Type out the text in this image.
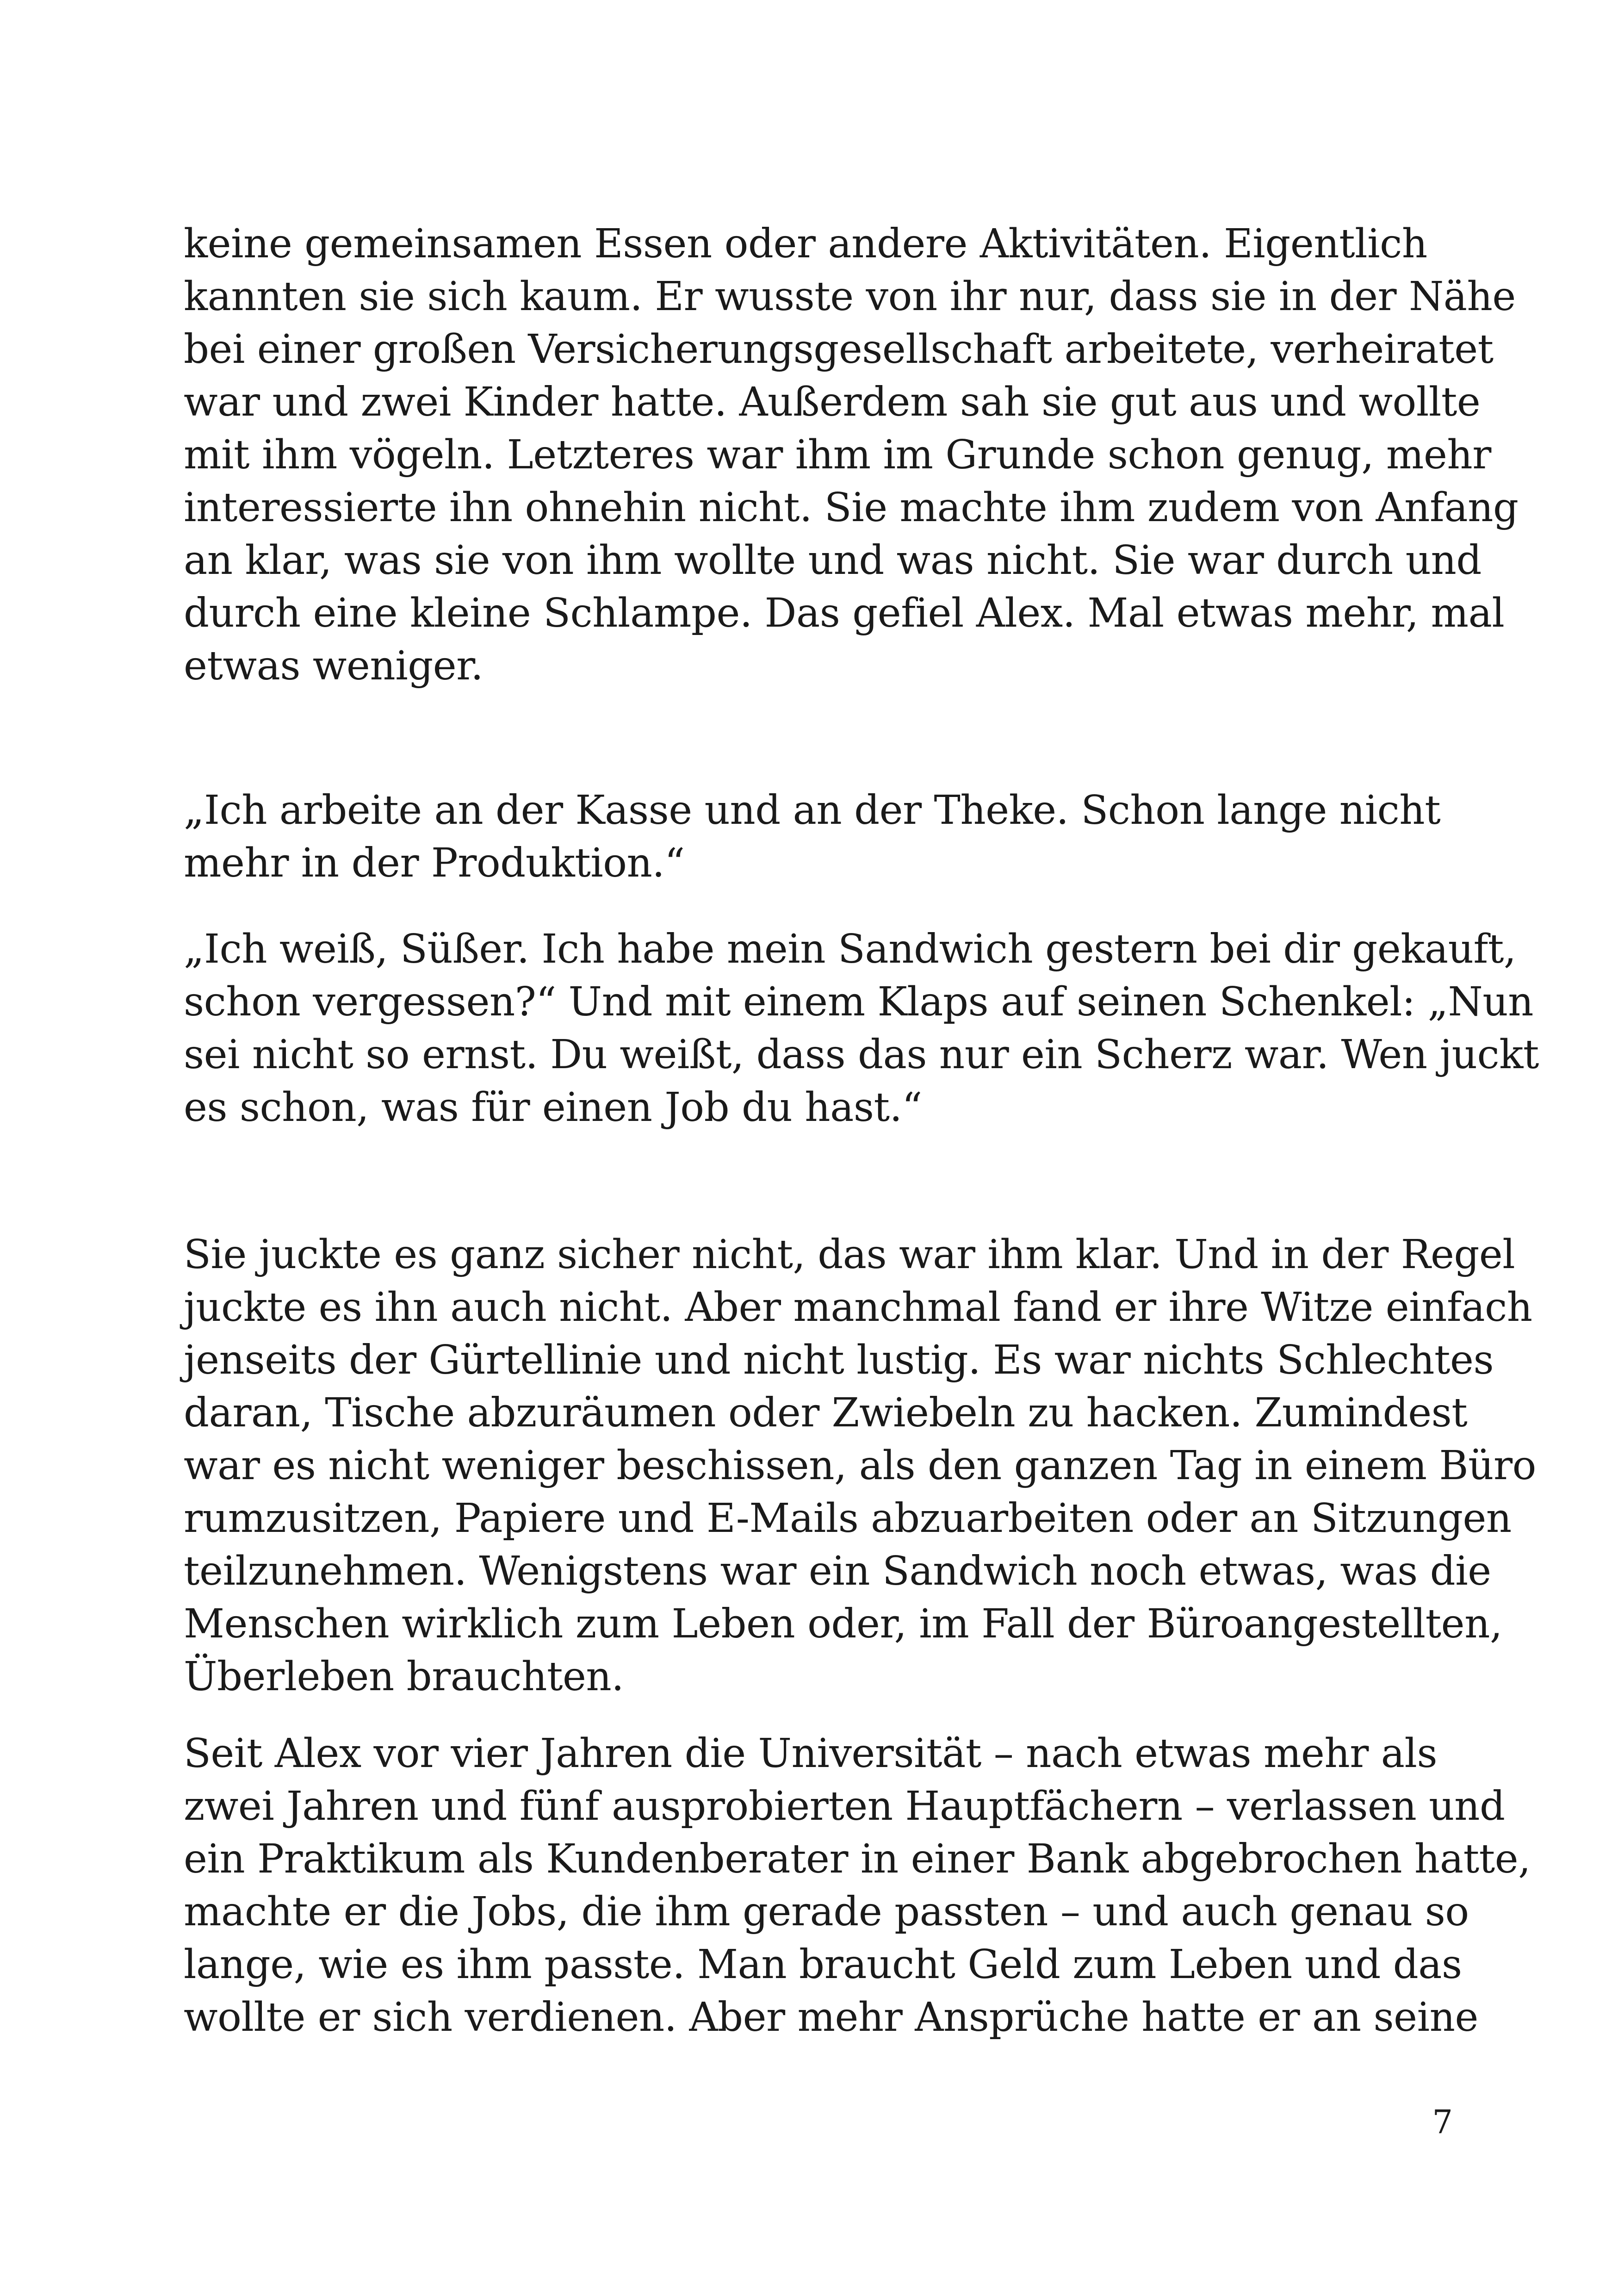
keine gemeinsamen Essen oder andere Aktivitäten. Eigentlich
kannten sie sich kaum. Er wusste von ihr nur, dass sie in der Nähe
bei einer großen Versicherungsgesellschaft arbeitete, verheiratet
war und zwei Kinder hatte. Außerdem sah sie gut aus und wollte
mit ihm vögeln. Letzteres war ihm im Grunde schon genug, mehr
interessierte ihn ohnehin nicht. Sie machte ihm zudem von Anfang
an klar, was sie von ihm wollte und was nicht. Sie war durch und
durch eine kleine Schlampe. Das gefiel Alex. Mal etwas mehr, mal
etwas weniger.
„Ich arbeite an der Kasse und an der Theke. Schon lange nicht
mehr in der Produktion.“
„Ich weiß, Süßer. Ich habe mein Sandwich gestern bei dir gekauft,
schon vergessen?“ Und mit einem Klaps auf seinen Schenkel: „Nun
sei nicht so ernst. Du weißt, dass das nur ein Scherz war. Wen juckt
es schon, was für einen Job du hast.“
Sie juckte es ganz sicher nicht, das war ihm klar. Und in der Regel
juckte es ihn auch nicht. Aber manchmal fand er ihre Witze einfach
jenseits der Gürtellinie und nicht lustig. Es war nichts Schlechtes
daran, Tische abzuräumen oder Zwiebeln zu hacken. Zumindest
war es nicht weniger beschissen, als den ganzen Tag in einem Büro
rumzusitzen, Papiere und E-Mails abzuarbeiten oder an Sitzungen
teilzunehmen. Wenigstens war ein Sandwich noch etwas, was die
Menschen wirklich zum Leben oder, im Fall der Büroangestellten,
Überleben brauchten.
Seit Alex vor vier Jahren die Universität – nach etwas mehr als
zwei Jahren und fünf ausprobierten Hauptfächern – verlassen und
ein Praktikum als Kundenberater in einer Bank abgebrochen hatte,
machte er die Jobs, die ihm gerade passten – und auch genau so
lange, wie es ihm passte. Man braucht Geld zum Leben und das
wollte er sich verdienen. Aber mehr Ansprüche hatte er an seine
7
